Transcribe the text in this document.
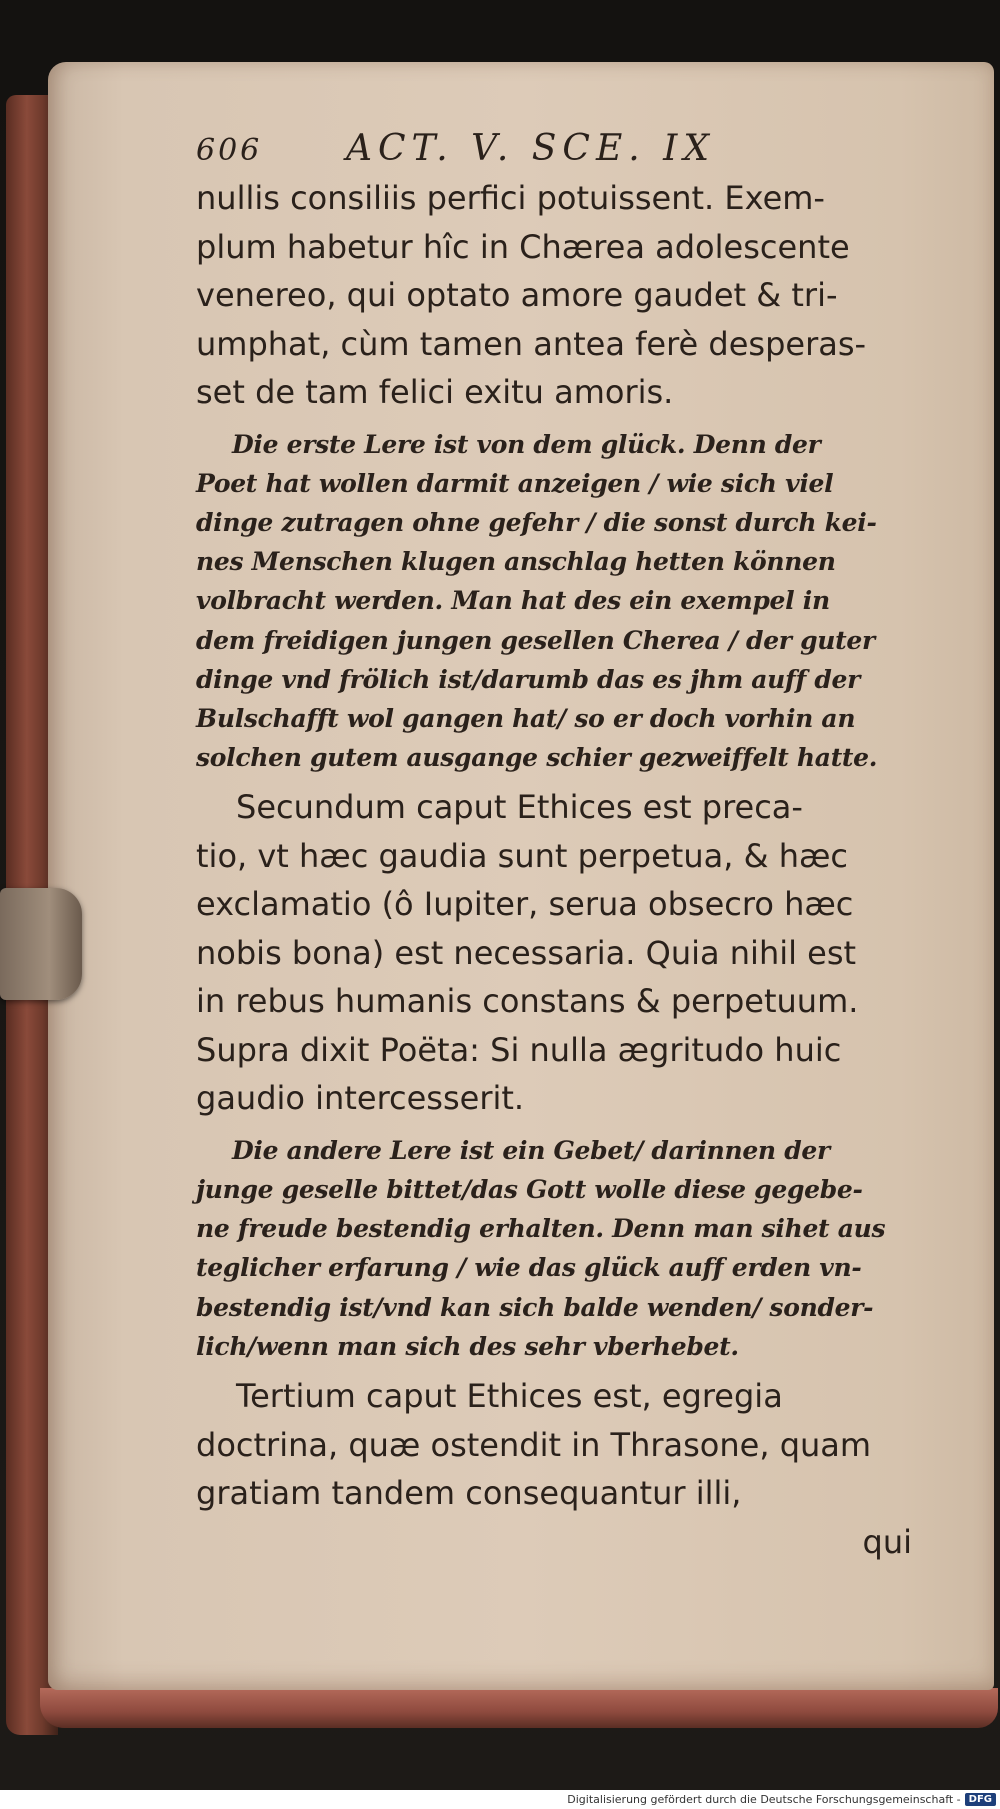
606	ACT. V. SCE. IX
nullis consiliis perfici potuissent. Exem-
plum habetur hîc in Chærea adolescente
venereo, qui optato amore gaudet & tri-
umphat, cùm tamen antea ferè desperas-
set de tam felici exitu amoris.
Die erste Lere ist von dem glück. Denn der
Poet hat wollen darmit anzeigen / wie sich viel
dinge zutragen ohne gefehr / die sonst durch kei-
nes Menschen klugen anschlag hetten können
volbracht werden. Man hat des ein exempel in
dem freidigen jungen gesellen Cherea / der guter
dinge vnd frölich ist/darumb das es jhm auff der
Bulschafft wol gangen hat/ so er doch vorhin an
solchen gutem ausgange schier gezweiffelt hatte.
Secundum caput Ethices est preca-
tio, vt hæc gaudia sunt perpetua, & hæc
exclamatio (ô Iupiter, serua obsecro hæc
nobis bona) est necessaria. Quia nihil est
in rebus humanis constans & perpetuum.
Supra dixit Poëta: Si nulla ægritudo huic
gaudio intercesserit.
Die andere Lere ist ein Gebet/ darinnen der
junge geselle bittet/das Gott wolle diese gegebe-
ne freude bestendig erhalten. Denn man sihet aus
teglicher erfarung / wie das glück auff erden vn-
bestendig ist/vnd kan sich balde wenden/ sonder-
lich/wenn man sich des sehr vberhebet.
Tertium caput Ethices est, egregia
doctrina, quæ ostendit in Thrasone, quam
gratiam tandem consequantur illi,
qui
Digitalisierung gefördert durch die Deutsche Forschungsgemeinschaft - DFG
